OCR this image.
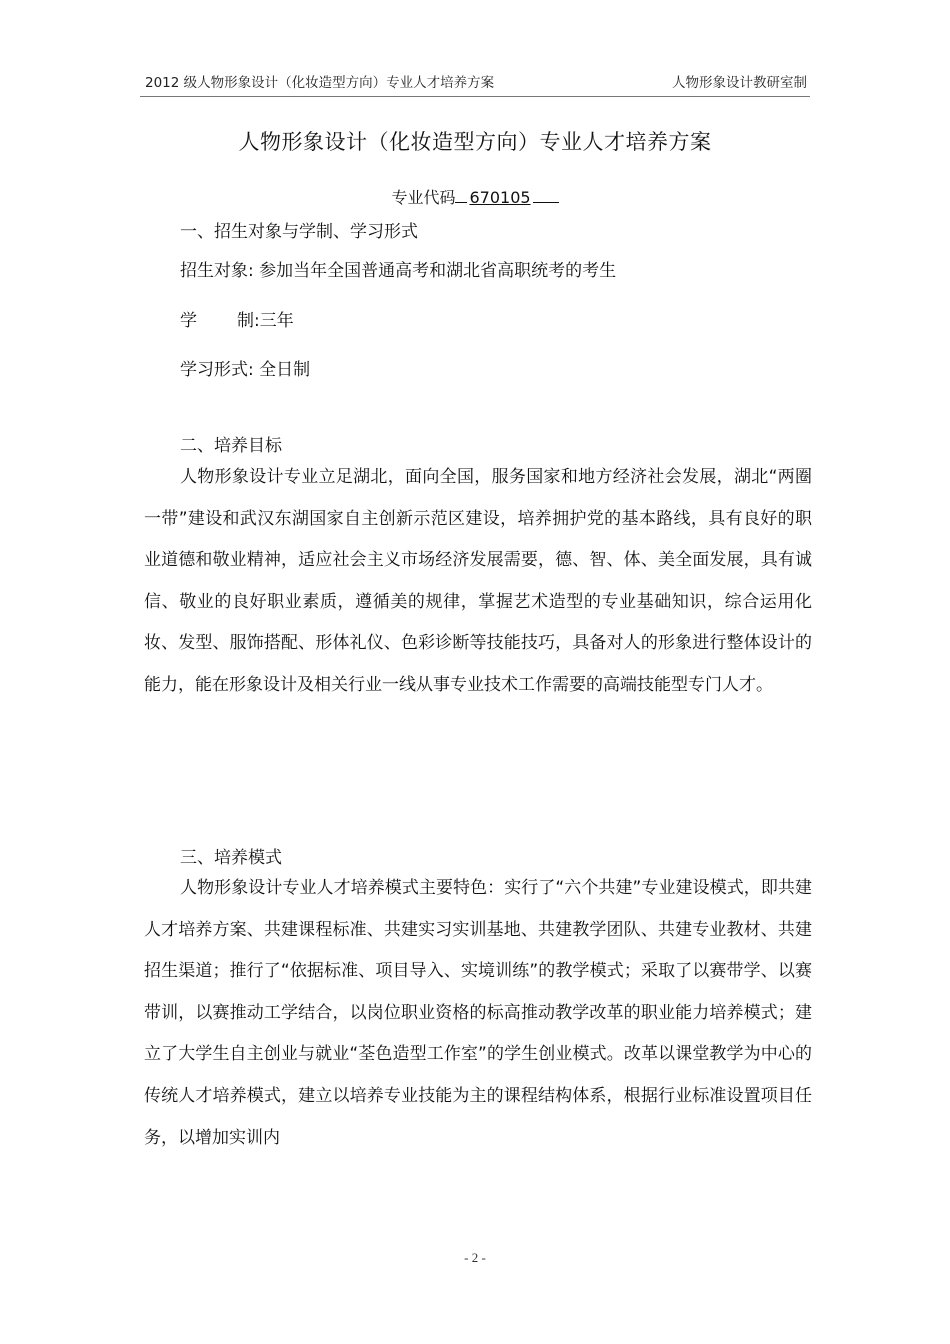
2012 级人物形象设计（化妆造型方向）专业人才培养方案	人物形象设计教研室制
人物形象设计（化妆造型方向）专业人才培养方案
专业代码 670105
一、招生对象与学制、学习形式
招生对象: 参加当年全国普通高考和湖北省高职统考的考生
学 制:三年
学习形式: 全日制
二、培养目标

人物形象设计专业立足湖北，面向全国，服务国家和地方经济社会发展，湖北“两圈一带”建设和武汉东湖国家自主创新示范区建设，培养拥护党的基本路线，具有良好的职业道德和敬业精神，适应社会主义市场经济发展需要，德、智、体、美全面发展，具有诚信、敬业的良好职业素质，遵循美的规律，掌握艺术造型的专业基础知识，综合运用化妆、发型、服饰搭配、形体礼仪、色彩诊断等技能技巧，具备对人的形象进行整体设计的能力，能在形象设计及相关行业一线从事专业技术工作需要的高端技能型专门人才。

三、培养模式

人物形象设计专业人才培养模式主要特色：实行了“六个共建”专业建设模式，即共建人才培养方案、共建课程标准、共建实习实训基地、共建教学团队、共建专业教材、共建招生渠道；推行了“依据标准、项目导入、实境训练”的教学模式；采取了以赛带学、以赛带训，以赛推动工学结合，以岗位职业资格的标高推动教学改革的职业能力培养模式；建立了大学生自主创业与就业“荃色造型工作室”的学生创业模式。改革以课堂教学为中心的传统人才培养模式，建立以培养专业技能为主的课程结构体系，根据行业标准设置项目任务，以增加实训内

- 2 -
